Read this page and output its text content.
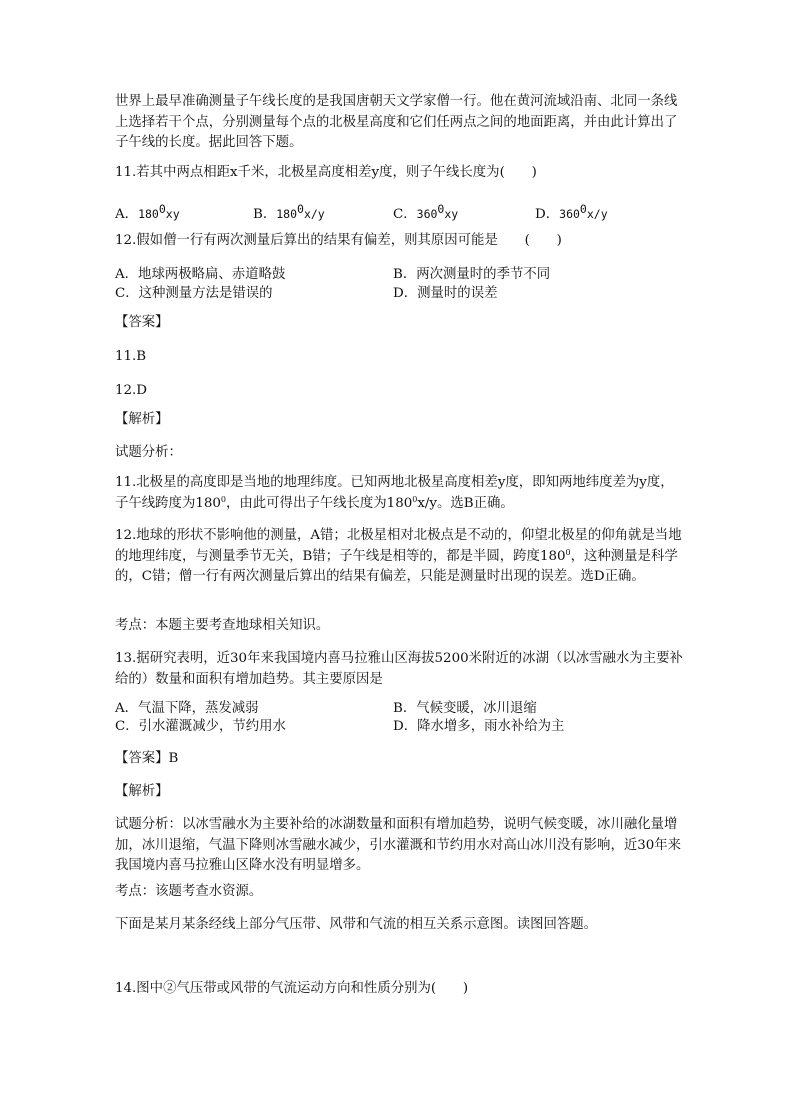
世界上最早准确测量子午线长度的是我国唐朝天文学家僧一行。他在黄河流域沿南、北同一条线上选择若干个点，分别测量每个点的北极星高度和它们任两点之间的地面距离，并由此计算出了子午线的长度。据此回答下题。

11.若其中两点相距x千米，北极星高度相差y度，则子午线长度为(　　)

A．$180^0xy$	B．$180^0x/y$	C．$360^0xy$	D．$360^0x/y$

12.假如僧一行有两次测量后算出的结果有偏差，则其原因可能是　　(　　)

A．地球两极略扁、赤道略鼓	B．两次测量时的季节不同
C．这种测量方法是错误的	D．测量时的误差

【答案】

11.B

12.D

【解析】

试题分析：

11.北极星的高度即是当地的地理纬度。已知两地北极星高度相差y度，即知两地纬度差为y度，子午线跨度为$180^0$，由此可得出子午线长度为$180^0x/y$。选B正确。

12.地球的形状不影响他的测量，A错；北极星相对北极点是不动的，仰望北极星的仰角就是当地的地理纬度，与测量季节无关，B错；子午线是相等的，都是半圆，跨度$180^0$，这种测量是科学的，C错；僧一行有两次测量后算出的结果有偏差，只能是测量时出现的误差。选D正确。

考点：本题主要考查地球相关知识。

13.据研究表明，近30年来我国境内喜马拉雅山区海拔5200米附近的冰湖（以冰雪融水为主要补给的）数量和面积有增加趋势。其主要原因是

A．气温下降，蒸发减弱	B．气候变暖，冰川退缩
C．引水灌溉减少，节约用水	D．降水增多，雨水补给为主

【答案】B

【解析】

试题分析：以冰雪融水为主要补给的冰湖数量和面积有增加趋势，说明气候变暖，冰川融化量增加，冰川退缩，气温下降则冰雪融水减少，引水灌溉和节约用水对高山冰川没有影响，近30年来我国境内喜马拉雅山区降水没有明显增多。

考点：该题考查水资源。

下面是某月某条经线上部分气压带、风带和气流的相互关系示意图。读图回答题。

14.图中②气压带或风带的气流运动方向和性质分别为(　　)
